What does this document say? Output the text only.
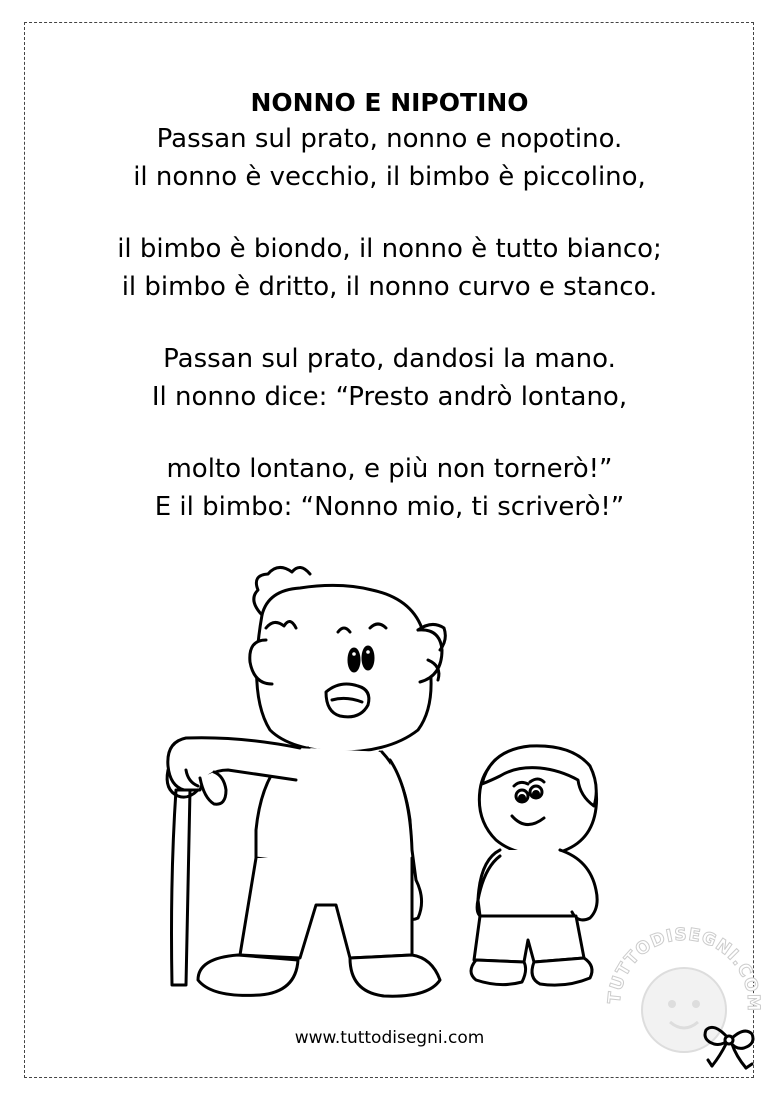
NONNO E NIPOTINO
Passan sul prato, nonno e nopotino.
il nonno è vecchio, il bimbo è piccolino,
il bimbo è biondo, il nonno è tutto bianco;
il bimbo è dritto, il nonno curvo e stanco.
Passan sul prato, dandosi la mano.
Il nonno dice: “Presto andrò lontano,
molto lontano, e più non tornerò!”
E il bimbo: “Nonno mio, ti scriverò!”
TUTTODISEGNI.COM
www.tuttodisegni.com
